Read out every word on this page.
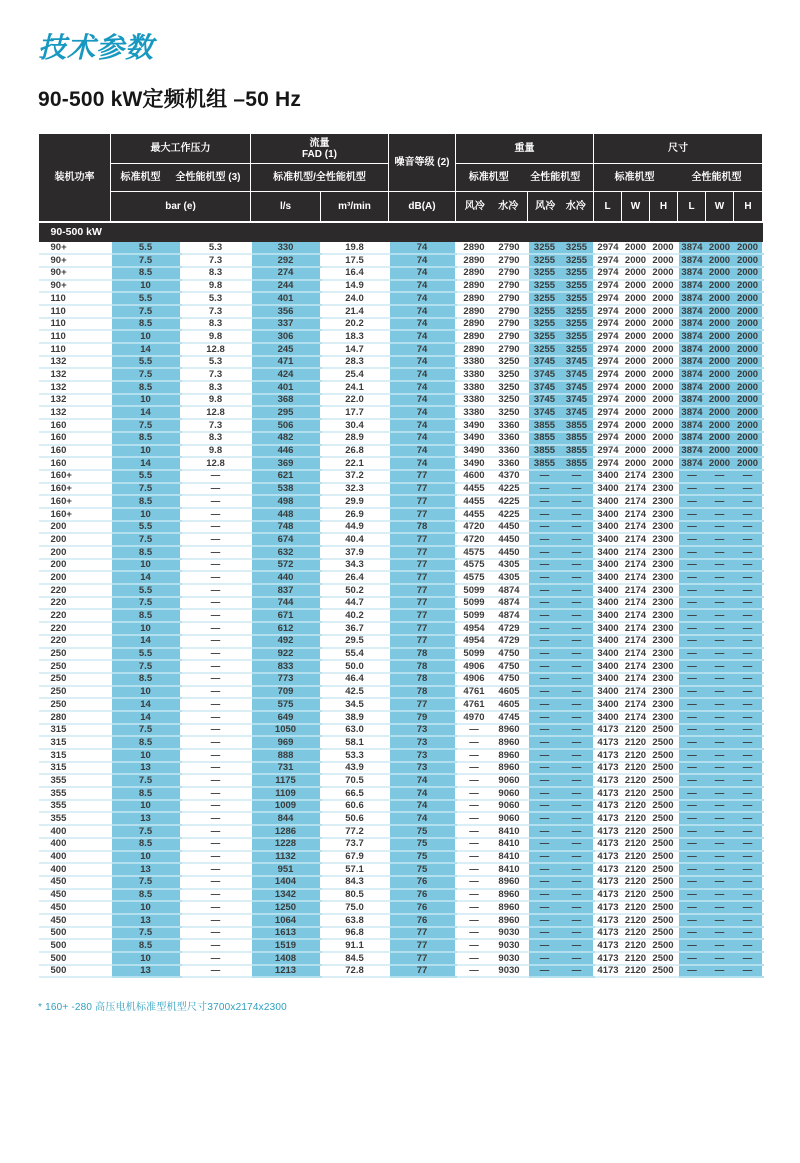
技术参数
90-500 kW定频机组 –50 Hz
装机功率	最大工作压力		流量
FAD (1)		噪音等级 (2)	重量				尺寸					

	标准机型 全性能机型 (3)		标准机型/全性能机型			标准机型 全性能机型				标准机型 全性能机型					

	bar (e)		l/s	m³/min	dB(A)	风冷 水冷		风冷 水冷		L	W	H	L	W	H
90-500 kW															
90+	5.5	5.3	330	19.8	74	2890	2790	3255	3255	2974	2000	2000	3874	2000	2000
90+	7.5	7.3	292	17.5	74	2890	2790	3255	3255	2974	2000	2000	3874	2000	2000
90+	8.5	8.3	274	16.4	74	2890	2790	3255	3255	2974	2000	2000	3874	2000	2000
90+	10	9.8	244	14.9	74	2890	2790	3255	3255	2974	2000	2000	3874	2000	2000
110	5.5	5.3	401	24.0	74	2890	2790	3255	3255	2974	2000	2000	3874	2000	2000
110	7.5	7.3	356	21.4	74	2890	2790	3255	3255	2974	2000	2000	3874	2000	2000
110	8.5	8.3	337	20.2	74	2890	2790	3255	3255	2974	2000	2000	3874	2000	2000
110	10	9.8	306	18.3	74	2890	2790	3255	3255	2974	2000	2000	3874	2000	2000
110	14	12.8	245	14.7	74	2890	2790	3255	3255	2974	2000	2000	3874	2000	2000
132	5.5	5.3	471	28.3	74	3380	3250	3745	3745	2974	2000	2000	3874	2000	2000
132	7.5	7.3	424	25.4	74	3380	3250	3745	3745	2974	2000	2000	3874	2000	2000
132	8.5	8.3	401	24.1	74	3380	3250	3745	3745	2974	2000	2000	3874	2000	2000
132	10	9.8	368	22.0	74	3380	3250	3745	3745	2974	2000	2000	3874	2000	2000
132	14	12.8	295	17.7	74	3380	3250	3745	3745	2974	2000	2000	3874	2000	2000
160	7.5	7.3	506	30.4	74	3490	3360	3855	3855	2974	2000	2000	3874	2000	2000
160	8.5	8.3	482	28.9	74	3490	3360	3855	3855	2974	2000	2000	3874	2000	2000
160	10	9.8	446	26.8	74	3490	3360	3855	3855	2974	2000	2000	3874	2000	2000
160	14	12.8	369	22.1	74	3490	3360	3855	3855	2974	2000	2000	3874	2000	2000
160+	5.5	—	621	37.2	77	4600	4370	—	—	3400	2174	2300	—	—	—
160+	7.5	—	538	32.3	77	4455	4225	—	—	3400	2174	2300	—	—	—
160+	8.5	—	498	29.9	77	4455	4225	—	—	3400	2174	2300	—	—	—
160+	10	—	448	26.9	77	4455	4225	—	—	3400	2174	2300	—	—	—
200	5.5	—	748	44.9	78	4720	4450	—	—	3400	2174	2300	—	—	—
200	7.5	—	674	40.4	77	4720	4450	—	—	3400	2174	2300	—	—	—
200	8.5	—	632	37.9	77	4575	4450	—	—	3400	2174	2300	—	—	—
200	10	—	572	34.3	77	4575	4305	—	—	3400	2174	2300	—	—	—
200	14	—	440	26.4	77	4575	4305	—	—	3400	2174	2300	—	—	—
220	5.5	—	837	50.2	77	5099	4874	—	—	3400	2174	2300	—	—	—
220	7.5	—	744	44.7	77	5099	4874	—	—	3400	2174	2300	—	—	—
220	8.5	—	671	40.2	77	5099	4874	—	—	3400	2174	2300	—	—	—
220	10	—	612	36.7	77	4954	4729	—	—	3400	2174	2300	—	—	—
220	14	—	492	29.5	77	4954	4729	—	—	3400	2174	2300	—	—	—
250	5.5	—	922	55.4	78	5099	4750	—	—	3400	2174	2300	—	—	—
250	7.5	—	833	50.0	78	4906	4750	—	—	3400	2174	2300	—	—	—
250	8.5	—	773	46.4	78	4906	4750	—	—	3400	2174	2300	—	—	—
250	10	—	709	42.5	78	4761	4605	—	—	3400	2174	2300	—	—	—
250	14	—	575	34.5	77	4761	4605	—	—	3400	2174	2300	—	—	—
280	14	—	649	38.9	79	4970	4745	—	—	3400	2174	2300	—	—	—
315	7.5	—	1050	63.0	73	—	8960	—	—	4173	2120	2500	—	—	—
315	8.5	—	969	58.1	73	—	8960	—	—	4173	2120	2500	—	—	—
315	10	—	888	53.3	73	—	8960	—	—	4173	2120	2500	—	—	—
315	13	—	731	43.9	73	—	8960	—	—	4173	2120	2500	—	—	—
355	7.5	—	1175	70.5	74	—	9060	—	—	4173	2120	2500	—	—	—
355	8.5	—	1109	66.5	74	—	9060	—	—	4173	2120	2500	—	—	—
355	10	—	1009	60.6	74	—	9060	—	—	4173	2120	2500	—	—	—
355	13	—	844	50.6	74	—	9060	—	—	4173	2120	2500	—	—	—
400	7.5	—	1286	77.2	75	—	8410	—	—	4173	2120	2500	—	—	—
400	8.5	—	1228	73.7	75	—	8410	—	—	4173	2120	2500	—	—	—
400	10	—	1132	67.9	75	—	8410	—	—	4173	2120	2500	—	—	—
400	13	—	951	57.1	75	—	8410	—	—	4173	2120	2500	—	—	—
450	7.5	—	1404	84.3	76	—	8960	—	—	4173	2120	2500	—	—	—
450	8.5	—	1342	80.5	76	—	8960	—	—	4173	2120	2500	—	—	—
450	10	—	1250	75.0	76	—	8960	—	—	4173	2120	2500	—	—	—
450	13	—	1064	63.8	76	—	8960	—	—	4173	2120	2500	—	—	—
500	7.5	—	1613	96.8	77	—	9030	—	—	4173	2120	2500	—	—	—
500	8.5	—	1519	91.1	77	—	9030	—	—	4173	2120	2500	—	—	—
500	10	—	1408	84.5	77	—	9030	—	—	4173	2120	2500	—	—	—
500	13	—	1213	72.8	77	—	9030	—	—	4173	2120	2500	—	—	—
* 160+ -280 高压电机标准型机型尺寸3700x2174x2300
